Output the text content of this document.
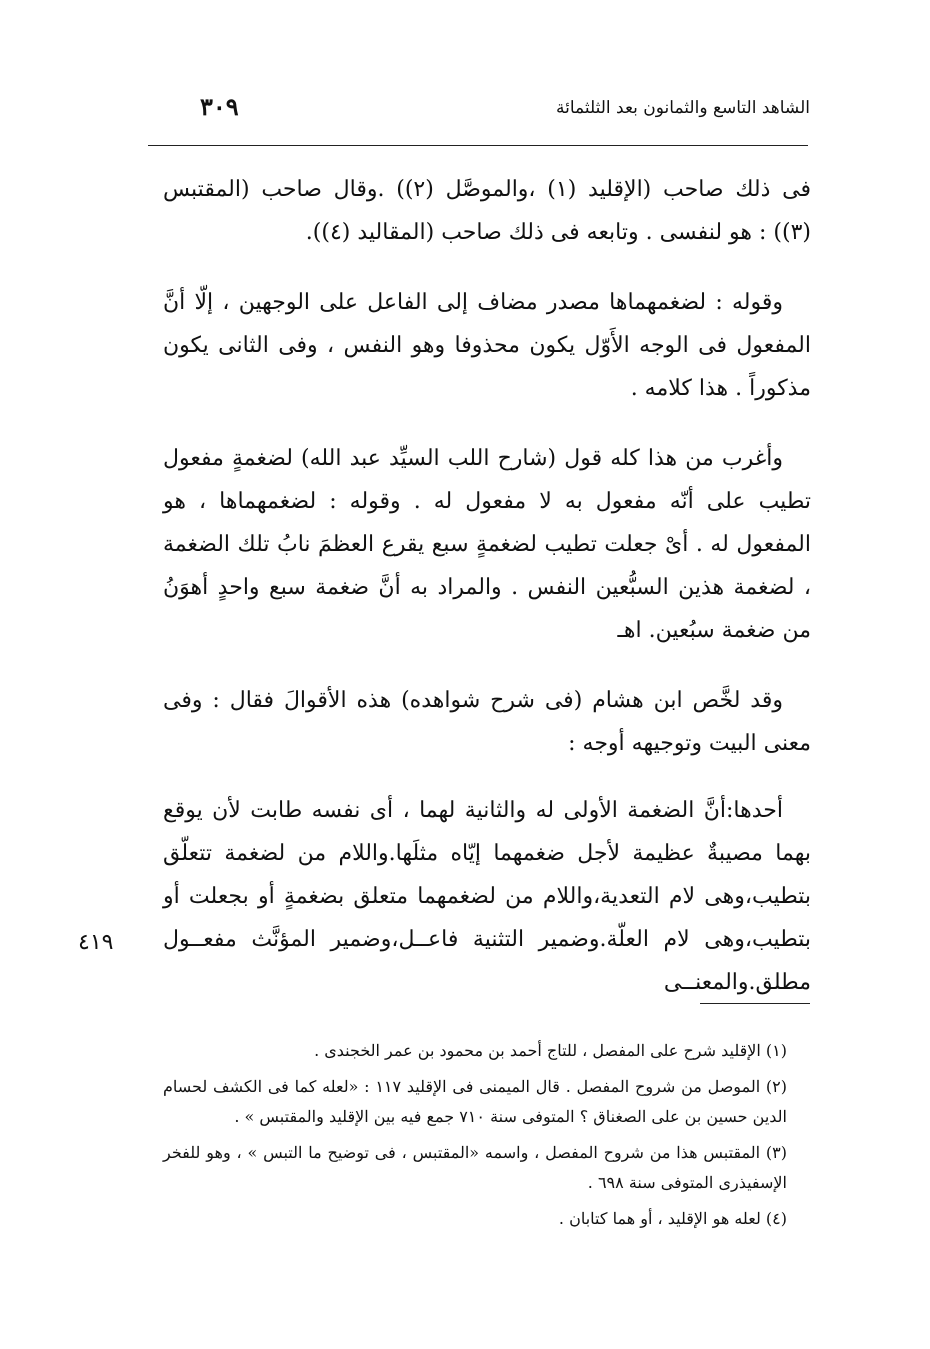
الشاهد التاسع والثمانون بعد الثلثمائة
٣٠٩

فى ذلك صاحب (الإقليد (١) ،والموصَّل (٢)) .وقال صاحب (المقتبس (٣)) : هو لنفسى . وتابعه فى ذلك صاحب (المقاليد (٤)).

وقوله : لضغمهماها مصدر مضاف إلى الفاعل على الوجهين ، إلّا أنَّ المفعول فى الوجه الأَوّل يكون محذوفا وهو النفس ، وفى الثانى يكون مذكوراً . هذا كلامه .

وأغرب من هذا كله قول (شارح اللب السيِّد عبد الله) لضغمةٍ مفعول تطيب على أنّه مفعول به لا مفعول له . وقوله : لضغمهماها ، هو المفعول له . أىْ جعلت تطيب لضغمةٍ سبع يقرع العظمَ نابُ تلك الضغمة ، لضغمة هذين السبُّعين النفس . والمراد به أنَّ ضغمة سبع واحدٍ أهوَنُ من ضغمة سبُعين. اهـ

وقد لخَّص ابن هشام (فى شرح شواهده) هذه الأقوالَ فقال : وفى معنى البيت وتوجيهه أوجه :

أحدها:أنَّ الضغمة الأولى له والثانية لهما ، أى نفسه طابت لأن يوقع بهما مصيبةٌ عظيمة لأجل ضغمهما إيّاه مثلَها.واللام من لضغمة تتعلّق بتطيب،وهى لام التعدية،واللام من لضغمهما متعلق بضغمةٍ أو بجعلت أو بتطيب،وهى لام العلّة.وضمير التثنية فاعــل،وضمير المؤنَّث مفعــول مطلق.والمعنــى

٤١٩

(١) الإقليد شرح على المفصل ، للتاج أحمد بن محمود بن عمر الخجندى .

(٢) الموصل من شروح المفصل . قال الميمنى فى الإقليد ١١٧ : «لعله كما فى الكشف لحسام الدين حسين بن على الصغناق ؟ المتوفى سنة ٧١٠ جمع فيه بين الإقليد والمقتبس » .

(٣) المقتبس هذا من شروح المفصل ، واسمه «المقتبس ، فى توضيح ما التبس » ، وهو للفخر الإسفيذرى المتوفى سنة ٦٩٨ .

(٤) لعله هو الإقليد ، أو هما كتابان .
